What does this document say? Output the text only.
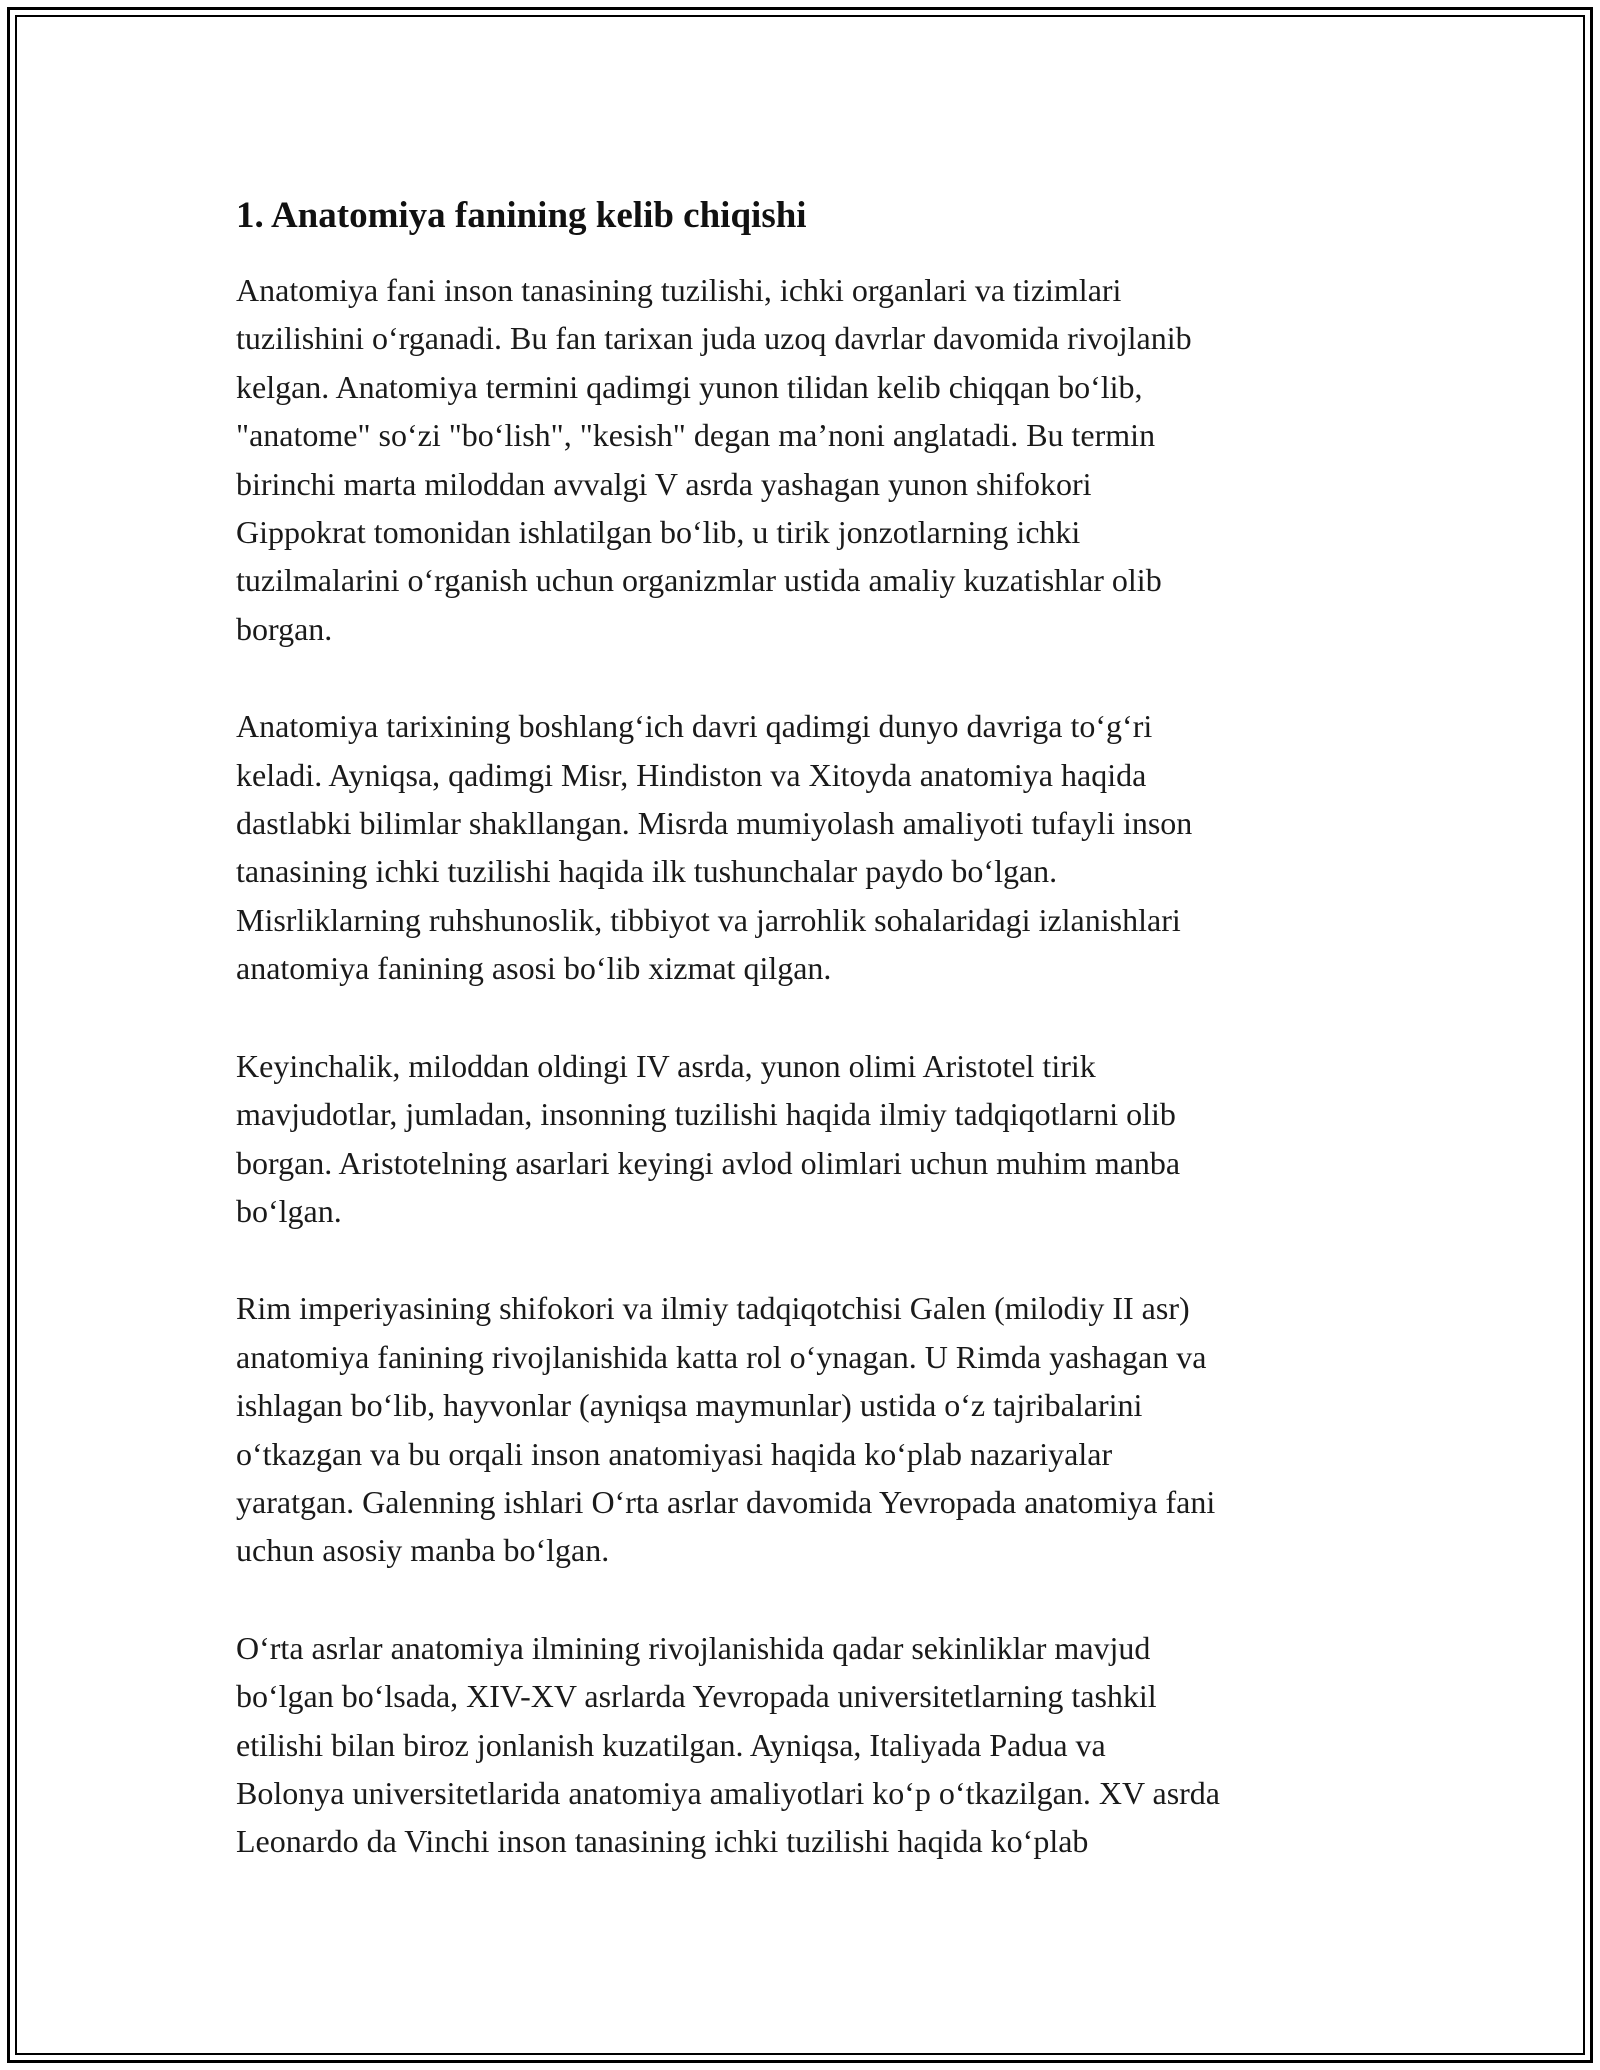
1. Anatomiya fanining kelib chiqishi

Anatomiya fani inson tanasining tuzilishi, ichki organlari va tizimlari
tuzilishini o‘rganadi. Bu fan tarixan juda uzoq davrlar davomida rivojlanib
kelgan. Anatomiya termini qadimgi yunon tilidan kelib chiqqan bo‘lib,
"anatome" so‘zi "bo‘lish", "kesish" degan ma’noni anglatadi. Bu termin
birinchi marta miloddan avvalgi V asrda yashagan yunon shifokori
Gippokrat tomonidan ishlatilgan bo‘lib, u tirik jonzotlarning ichki
tuzilmalarini o‘rganish uchun organizmlar ustida amaliy kuzatishlar olib
borgan.

Anatomiya tarixining boshlang‘ich davri qadimgi dunyo davriga to‘g‘ri
keladi. Ayniqsa, qadimgi Misr, Hindiston va Xitoyda anatomiya haqida
dastlabki bilimlar shakllangan. Misrda mumiyolash amaliyoti tufayli inson
tanasining ichki tuzilishi haqida ilk tushunchalar paydo bo‘lgan.
Misrliklarning ruhshunoslik, tibbiyot va jarrohlik sohalaridagi izlanishlari
anatomiya fanining asosi bo‘lib xizmat qilgan.

Keyinchalik, miloddan oldingi IV asrda, yunon olimi Aristotel tirik
mavjudotlar, jumladan, insonning tuzilishi haqida ilmiy tadqiqotlarni olib
borgan. Aristotelning asarlari keyingi avlod olimlari uchun muhim manba
bo‘lgan.

Rim imperiyasining shifokori va ilmiy tadqiqotchisi Galen (milodiy II asr)
anatomiya fanining rivojlanishida katta rol o‘ynagan. U Rimda yashagan va
ishlagan bo‘lib, hayvonlar (ayniqsa maymunlar) ustida o‘z tajribalarini
o‘tkazgan va bu orqali inson anatomiyasi haqida ko‘plab nazariyalar
yaratgan. Galenning ishlari O‘rta asrlar davomida Yevropada anatomiya fani
uchun asosiy manba bo‘lgan.

O‘rta asrlar anatomiya ilmining rivojlanishida qadar sekinliklar mavjud
bo‘lgan bo‘lsada, XIV-XV asrlarda Yevropada universitetlarning tashkil
etilishi bilan biroz jonlanish kuzatilgan. Ayniqsa, Italiyada Padua va
Bolonya universitetlarida anatomiya amaliyotlari ko‘p o‘tkazilgan. XV asrda
Leonardo da Vinchi inson tanasining ichki tuzilishi haqida ko‘plab
